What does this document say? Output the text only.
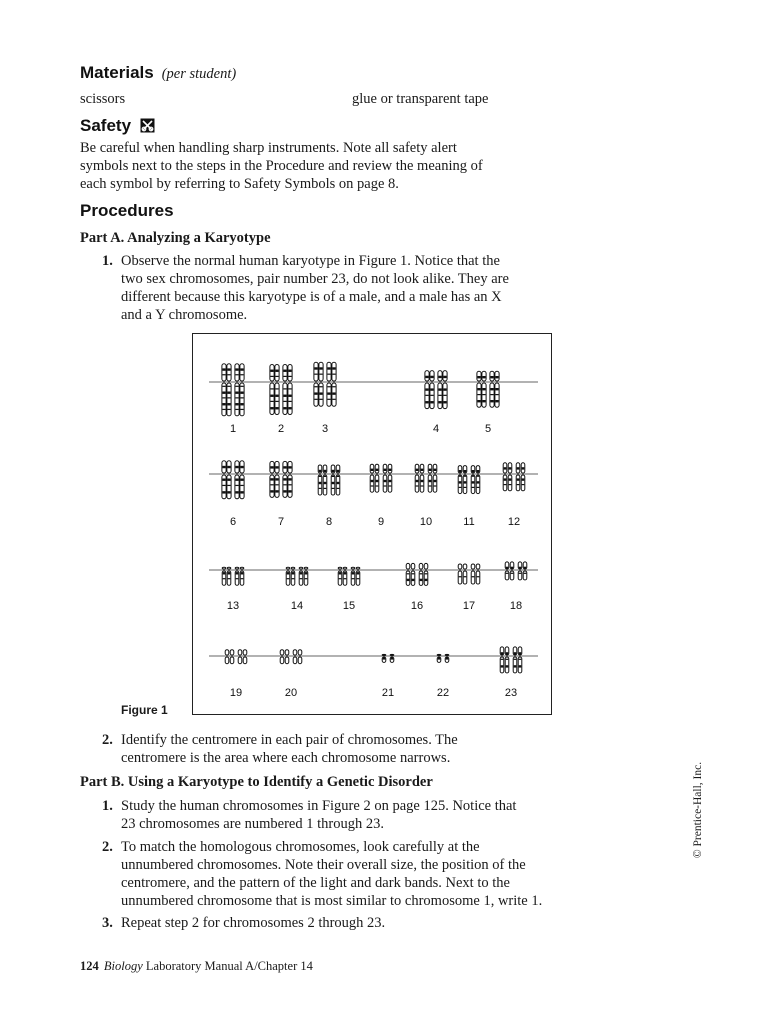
Materials (per student)
scissors	glue or transparent tape
Safety
Be careful when handling sharp instruments. Note all safety alert
symbols next to the steps in the Procedure and review the meaning of
each symbol by referring to Safety Symbols on page 8.
Procedures
Part A. Analyzing a Karyotype
1. Observe the normal human karyotype in Figure 1. Notice that the
two sex chromosomes, pair number 23, do not look alike. They are
different because this karyotype is of a male, and a male has an X
and a Y chromosome.
1	2	3	4	5
6	7	8	9	10	11	12
13	14	15	16	17	18
19	20	21	22	23
Figure 1
2. Identify the centromere in each pair of chromosomes. The
centromere is the area where each chromosome narrows.
Part B. Using a Karyotype to Identify a Genetic Disorder
1. Study the human chromosomes in Figure 2 on page 125. Notice that
23 chromosomes are numbered 1 through 23.
2. To match the homologous chromosomes, look carefully at the
unnumbered chromosomes. Note their overall size, the position of the
centromere, and the pattern of the light and dark bands. Next to the
unnumbered chromosome that is most similar to chromosome 1, write 1.
3. Repeat step 2 for chromosomes 2 through 23.
124 Biology Laboratory Manual A/Chapter 14
© Prentice-Hall, Inc.
